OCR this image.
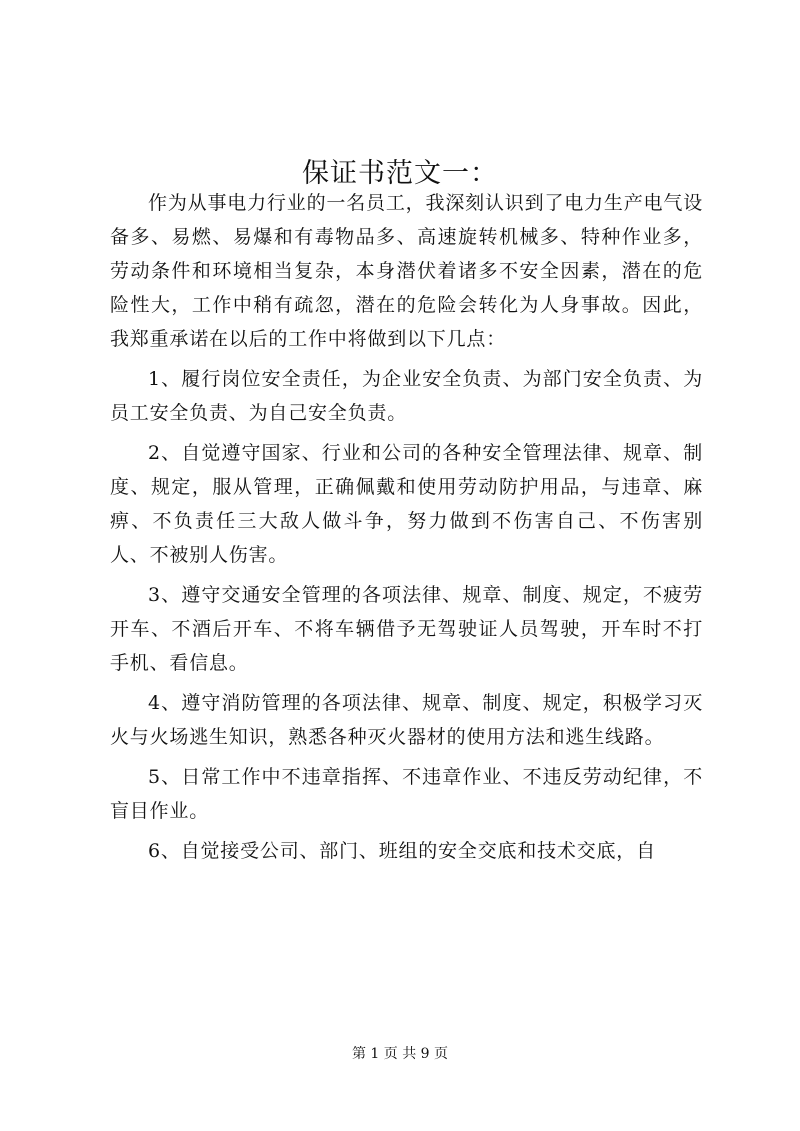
保证书范文一：

作为从事电力行业的一名员工，我深刻认识到了电力生产电气设备多、易燃、易爆和有毒物品多、高速旋转机械多、特种作业多，劳动条件和环境相当复杂，本身潜伏着诸多不安全因素，潜在的危险性大，工作中稍有疏忽，潜在的危险会转化为人身事故。因此，我郑重承诺在以后的工作中将做到以下几点：

1、履行岗位安全责任，为企业安全负责、为部门安全负责、为员工安全负责、为自己安全负责。

2、自觉遵守国家、行业和公司的各种安全管理法律、规章、制度、规定，服从管理，正确佩戴和使用劳动防护用品，与违章、麻痹、不负责任三大敌人做斗争，努力做到不伤害自己、不伤害别人、不被别人伤害。

3、遵守交通安全管理的各项法律、规章、制度、规定，不疲劳开车、不酒后开车、不将车辆借予无驾驶证人员驾驶，开车时不打手机、看信息。

4、遵守消防管理的各项法律、规章、制度、规定，积极学习灭火与火场逃生知识，熟悉各种灭火器材的使用方法和逃生线路。

5、日常工作中不违章指挥、不违章作业、不违反劳动纪律，不盲目作业。

6、自觉接受公司、部门、班组的安全交底和技术交底，自

第 1 页 共 9 页
